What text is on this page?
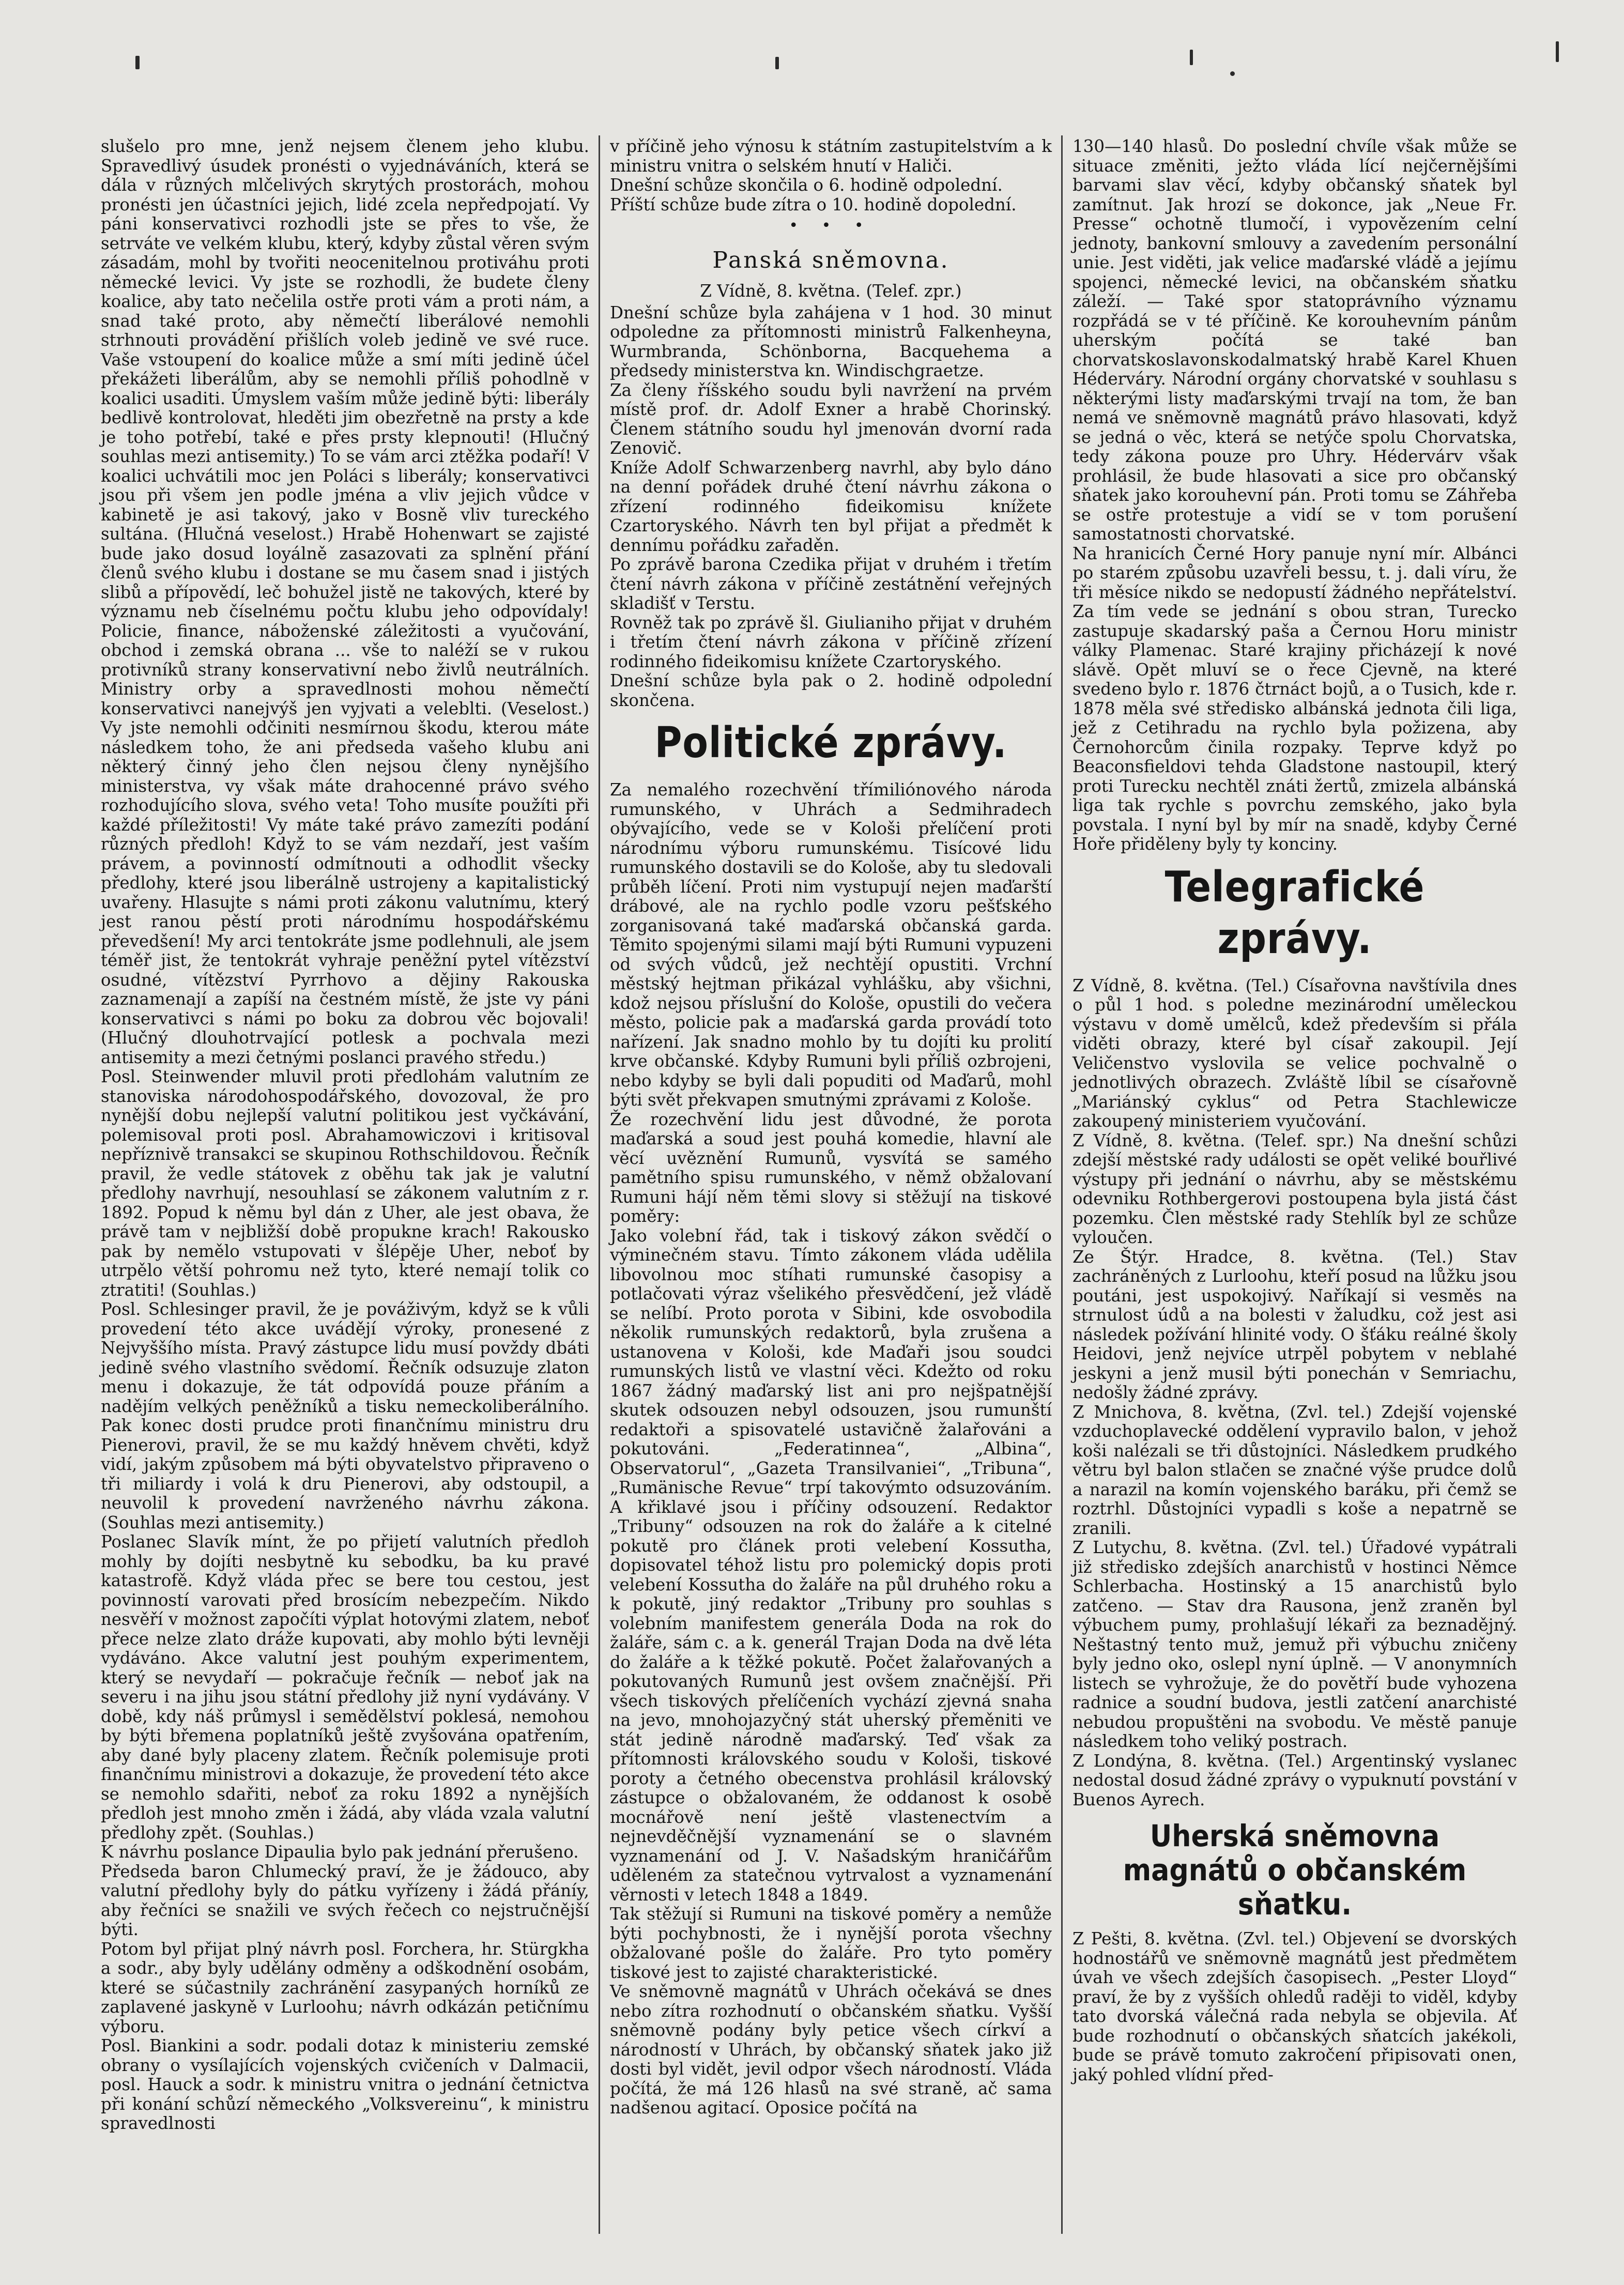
slušelo pro mne, jenž nejsem členem jeho klubu. Spravedlivý úsudek pronésti o vyjednáváních, která se dála v různých mlčelivých skrytých prostorách, mohou pronésti jen účastníci jejich, lidé zcela nepředpojatí. Vy páni konservativci rozhodli jste se přes to vše, že setrváte ve velkém klubu, který, kdyby zůstal věren svým zásadám, mohl by tvořiti neocenitelnou protiváhu proti německé levici. Vy jste se rozhodli, že budete členy koalice, aby tato nečelila ostře proti vám a proti nám, a snad také proto, aby němečtí liberálové nemohli strhnouti provádění přišlích voleb jedině ve své ruce. Vaše vstoupení do koalice může a smí míti jedině účel překážeti liberálům, aby se nemohli příliš pohodlně v koalici usaditi. Úmyslem vaším může jedině býti: liberály bedlivě kontrolovat, hleděti jim obezřetně na prsty a kde je toho potřebí, také e přes prsty klepnouti! (Hlučný souhlas mezi antisemity.) To se vám arci ztěžka podaří! V koalici uchvátili moc jen Poláci s liberály; konservativci jsou při všem jen podle jména a vliv jejich vůdce v kabinetě je asi takový, jako v Bosně vliv tureckého sultána. (Hlučná veselost.) Hrabě Hohenwart se zajisté bude jako dosud loyálně zasazovati za splnění přání členů svého klubu i dostane se mu časem snad i jistých slibů a přípovědí, leč bohužel jistě ne takových, které by významu neb číselnému počtu klubu jeho odpovídaly! Policie, finance, náboženské záležitosti a vyučování, obchod i zemská obrana ... vše to naléží se v rukou protivníků strany konservativní nebo živlů neutrálních. Ministry orby a spravedlnosti mohou němečtí konservativci nanejvýš jen vyjvati a veleblti. (Veselost.) Vy jste nemohli odčiniti nesmírnou škodu, kterou máte následkem toho, že ani předseda vašeho klubu ani některý činný jeho člen nejsou členy nynějšího ministerstva, vy však máte drahocenné právo svého rozhodujícího slova, svého veta! Toho musíte použíti při každé příležitosti! Vy máte také právo zamezíti podání různých předloh! Když to se vám nezdaří, jest vaším právem, a povinností odmítnouti a odhodlit všecky předlohy, které jsou liberálně ustrojeny a kapitalistický uvařeny. Hlasujte s námi proti zákonu valutnímu, který jest ranou pěstí proti národnímu hospodářskému převedšení! My arci tentokráte jsme podlehnuli, ale jsem téměř jist, že tentokrát vyhraje peněžní pytel vítězství osudné, vítězství Pyrrhovo a dějiny Rakouska zaznamenají a zapíší na čestném místě, že jste vy páni konservativci s námi po boku za dobrou věc bojovali! (Hlučný dlouhotrvající potlesk a pochvala mezi antisemity a mezi četnými poslanci pravého středu.)

Posl. Steinwender mluvil proti předlohám valutním ze stanoviska národohospodářského, dovozoval, že pro nynější dobu nejlepší valutní politikou jest vyčkávání, polemisoval proti posl. Abrahamowiczovi i kritisoval nepříznivě transakci se skupinou Rothschildovou. Řečník pravil, že vedle státovek z oběhu tak jak je valutní předlohy navrhují, nesouhlasí se zákonem valutním z r. 1892. Popud k němu byl dán z Uher, ale jest obava, že právě tam v nejbližší době propukne krach! Rakousko pak by nemělo vstupovati v šlépěje Uher, neboť by utrpělo větší pohromu než tyto, které nemají tolik co ztratiti! (Souhlas.)

Posl. Schlesinger pravil, že je pováživým, když se k vůli provedení této akce uvádějí výroky, pronesené z Nejvyššího místa. Pravý zástupce lidu musí povždy dbáti jedině svého vlastního svědomí. Řečník odsuzuje zlaton menu i dokazuje, že tát odpovídá pouze přáním a nadějím velkých peněžníků a tisku nemeckoliberálního. Pak konec dosti prudce proti finančnímu ministru dru Pienerovi, pravil, že se mu každý hněvem chvěti, když vidí, jakým způsobem má býti obyvatelstvo připraveno o tři miliardy i volá k dru Pienerovi, aby odstoupil, a neuvolil k provedení navrženého návrhu zákona. (Souhlas mezi antisemity.)

Poslanec Slavík mínt, že po přijetí valutních předloh mohly by dojíti nesbytně ku sebodku, ba ku pravé katastrofě. Když vláda přec se bere tou cestou, jest povinností varovati před brosícím nebezpečím. Nikdo nesvěří v možnost započíti výplat hotovými zlatem, neboť přece nelze zlato dráže kupovati, aby mohlo býti levněji vydáváno. Akce valutní jest pouhým experimentem, který se nevydaří — pokračuje řečník — neboť jak na severu i na jihu jsou státní předlohy již nyní vydávány. V době, kdy náš průmysl i semědělství poklesá, nemohou by býti břemena poplatníků ještě zvyšována opatřením, aby dané byly placeny zlatem. Řečník polemisuje proti finančnímu ministrovi a dokazuje, že provedení této akce se nemohlo sdařiti, neboť za roku 1892 a nynějších předloh jest mnoho změn i žádá, aby vláda vzala valutní předlohy zpět. (Souhlas.)

K návrhu poslance Dipaulia bylo pak jednání přerušeno.

Předseda baron Chlumecký praví, že je žádouco, aby valutní předlohy byly do pátku vyřízeny i žádá přáníy, aby řečníci se snažili ve svých řečech co nejstručnější býti.

Potom byl přijat plný návrh posl. Forchera, hr. Stürgkha a sodr., aby byly udělány odměny a odškodnění osobám, které se súčastnily zachránění zasypaných horníků ze zaplavené jaskyně v Lurloohu; návrh odkázán petičnímu výboru.

Posl. Biankini a sodr. podali dotaz k ministeriu zemské obrany o vysílajících vojenských cvičeních v Dalmacii, posl. Hauck a sodr. k ministru vnitra o jednání četnictva při konání schůzí německého „Volksvereinu“, k ministru spravedlnosti

v příčině jeho výnosu k státním zastupitelstvím a k ministru vnitra o selském hnutí v Haliči.

Dnešní schůze skončila o 6. hodině odpolední.

Příští schůze bude zítra o 10. hodině dopolední.

• • •
Panská sněmovna.
Z Vídně, 8. května. (Telef. zpr.)

Dnešní schůze byla zahájena v 1 hod. 30 minut odpoledne za přítomnosti ministrů Falkenheyna, Wurmbranda, Schönborna, Bacquehema a předsedy ministerstva kn. Windischgraetze.

Za členy říšského soudu byli navržení na prvém místě prof. dr. Adolf Exner a hrabě Chorinský. Členem státního soudu hyl jmenován dvorní rada Zenovič.

Kníže Adolf Schwarzenberg navrhl, aby bylo dáno na denní pořádek druhé čtení návrhu zákona o zřízení rodinného fideikomisu knížete Czartoryského. Návrh ten byl přijat a předmět k dennímu pořádku zařaděn.

Po zprávě barona Czedika přijat v druhém i třetím čtení návrh zákona v příčině zestátnění veřejných skladišť v Terstu.

Rovněž tak po zprávě šl. Giulianiho přijat v druhém i třetím čtení návrh zákona v příčině zřízení rodinného fideikomisu knížete Czartoryského.

Dnešní schůze byla pak o 2. hodině odpolední skončena.

Politické zprávy.

Za nemalého rozechvění třímiliónového národa rumunského, v Uhrách a Sedmihradech obývajícího, vede se v Kološi přelíčení proti národnímu výboru rumunskému. Tisícové lidu rumunského dostavili se do Kološe, aby tu sledovali průběh líčení. Proti nim vystupují nejen maďarští drábové, ale na rychlo podle vzoru pešťského zorganisovaná také maďarská občanská garda. Těmito spojenými silami mají býti Rumuni vypuzeni od svých vůdců, jež nechtějí opustiti. Vrchní městský hejtman přikázal vyhlášku, aby všichni, kdož nejsou příslušní do Kološe, opustili do večera město, policie pak a maďarská garda provádí toto nařízení. Jak snadno mohlo by tu dojíti ku prolití krve občanské. Kdyby Rumuni byli příliš ozbrojeni, nebo kdyby se byli dali popuditi od Maďarů, mohl býti svět překvapen smutnými zprávami z Kološe.

Že rozechvění lidu jest důvodné, že porota maďarská a soud jest pouhá komedie, hlavní ale věcí uvěznění Rumunů, vysvítá se samého pamětního spisu rumunského, v němž obžalovaní Rumuni hájí něm těmi slovy si stěžují na tiskové poměry:

Jako volební řád, tak i tiskový zákon svědčí o výminečném stavu. Tímto zákonem vláda udělila libovolnou moc stíhati rumunské časopisy a potlačovati výraz všelikého přesvědčení, jež vládě se nelíbí. Proto porota v Sibini, kde osvobodila několik rumunských redaktorů, byla zrušena a ustanovena v Kološi, kde Maďaři jsou soudci rumunských listů ve vlastní věci. Kdežto od roku 1867 žádný maďarský list ani pro nejšpatnější skutek odsouzen nebyl odsouzen, jsou rumunští redaktoři a spisovatelé ustavičně žalařováni a pokutováni. „Federatinnea“, „Albina“, Observatorul“, „Gazeta Transilvaniei“, „Tribuna“, „Rumänische Revue“ trpí takovýmto odsuzováním. A křiklavé jsou i příčiny odsouzení. Redaktor „Tribuny“ odsouzen na rok do žaláře a k citelné pokutě pro článek proti velebení Kossutha, dopisovatel téhož listu pro polemický dopis proti velebení Kossutha do žaláře na půl druhého roku a k pokutě, jiný redaktor „Tribuny pro souhlas s volebním manifestem generála Doda na rok do žaláře, sám c. a k. generál Trajan Doda na dvě léta do žaláře a k těžké pokutě. Počet žalařovaných a pokutovaných Rumunů jest ovšem značnější. Při všech tiskových přelíčeních vychází zjevná snaha na jevo, mnohojazyčný stát uherský přeměniti ve stát jedině národně maďarský. Teď však za přítomnosti královského soudu v Kološi, tiskové poroty a četného obecenstva prohlásil královský zástupce o obžalovaném, že oddanost k osobě mocnářově není ještě vlastenectvím a nejnevděčnější vyznamenání se o slavném vyznamenání od J. V. Našadským hraničářům uděleném za statečnou vytrvalost a vyznamenání věrnosti v letech 1848 a 1849.

Tak stěžují si Rumuni na tiskové poměry a nemůže býti pochybnosti, že i nynější porota všechny obžalované pošle do žaláře. Pro tyto poměry tiskové jest to zajisté charakteristické.

Ve sněmovně magnátů v Uhrách očekává se dnes nebo zítra rozhodnutí o občanském sňatku. Vyšší sněmovně podány byly petice všech církví a národností v Uhrách, by občanský sňatek jako již dosti byl vidět, jevil odpor všech národností. Vláda počítá, že má 126 hlasů na své straně, ač sama nadšenou agitací. Oposice počítá na

130—140 hlasů. Do poslední chvíle však může se situace změniti, ježto vláda lící nejčernějšími barvami slav věcí, kdyby občanský sňatek byl zamítnut. Jak hrozí se dokonce, jak „Neue Fr. Presse“ ochotně tlumočí, i vypovězením celní jednoty, bankovní smlouvy a zavedením personální unie. Jest viděti, jak velice maďarské vládě a jejímu spojenci, německé levici, na občanském sňatku záleží. — Také spor statoprávního významu rozpřádá se v té příčině. Ke korouhevním pánům uherským počítá se také ban chorvatskoslavonskodalmatský hrabě Karel Khuen Héderváry. Národní orgány chorvatské v souhlasu s některými listy maďarskými trvají na tom, že ban nemá ve sněmovně magnátů právo hlasovati, když se jedná o věc, která se netýče spolu Chorvatska, tedy zákona pouze pro Uhry. Hédervárv však prohlásil, že bude hlasovati a sice pro občanský sňatek jako korouhevní pán. Proti tomu se Záhřeba se ostře protestuje a vidí se v tom porušení samostatnosti chorvatské.

Na hranicích Černé Hory panuje nyní mír. Albánci po starém způsobu uzavřeli bessu, t. j. dali víru, že tři měsíce nikdo se nedopustí žádného nepřátelství. Za tím vede se jednání s obou stran, Turecko zastupuje skadarský paša a Černou Horu ministr války Plamenac. Staré krajiny přicházejí k nové slávě. Opět mluví se o řece Cjevně, na které svedeno bylo r. 1876 čtrnáct bojů, a o Tusich, kde r. 1878 měla své středisko albánská jednota čili liga, jež z Cetihradu na rychlo byla požizena, aby Černohorcům činila rozpaky. Teprve když po Beaconsfieldovi tehda Gladstone nastoupil, který proti Turecku nechtěl znáti žertů, zmizela albánská liga tak rychle s povrchu zemského, jako byla povstala. I nyní byl by mír na snadě, kdyby Černé Hoře přiděleny byly ty konciny.

Telegrafické zprávy.

Z Vídně, 8. května. (Tel.) Císařovna navštívila dnes o půl 1 hod. s poledne mezinárodní uměleckou výstavu v domě umělců, kdež především si přála viděti obrazy, které byl císař zakoupil. Její Veličenstvo vyslovila se velice pochvalně o jednotlivých obrazech. Zvláště líbil se císařovně „Mariánský cyklus“ od Petra Stachlewicze zakoupený ministeriem vyučování.

Z Vídně, 8. května. (Telef. spr.) Na dnešní schůzi zdejší městské rady události se opět veliké bouřlivé výstupy při jednání o návrhu, aby se městskému odevniku Rothbergerovi postoupena byla jistá část pozemku. Člen městské rady Stehlík byl ze schůze vyloučen.

Ze Štýr. Hradce, 8. května. (Tel.) Stav zachráněných z Lurloohu, kteří posud na lůžku jsou poutáni, jest uspokojivý. Naříkají si vesměs na strnulost údů a na bolesti v žaludku, což jest asi následek požívání hlinité vody. O šťáku reálné školy Heidovi, jenž nejvíce utrpěl pobytem v neblahé jeskyni a jenž musil býti ponechán v Semriachu, nedošly žádné zprávy.

Z Mnichova, 8. května, (Zvl. tel.) Zdejší vojenské vzduchoplavecké oddělení vypravilo balon, v jehož koši nalézali se tři důstojníci. Následkem prudkého větru byl balon stlačen se značné výše prudce dolů a narazil na komín vojenského baráku, při čemž se roztrhl. Důstojníci vypadli s koše a nepatrně se zranili.

Z Lutychu, 8. května. (Zvl. tel.) Úřadové vypátrali již středisko zdejších anarchistů v hostinci Němce Schlerbacha. Hostinský a 15 anarchistů bylo zatčeno. — Stav dra Rausona, jenž zraněn byl výbuchem pumy, prohlašují lékaři za beznadějný. Neštastný tento muž, jemuž při výbuchu zničeny byly jedno oko, oslepl nyní úplně. — V anonymních listech se vyhrožuje, že do povětří bude vyhozena radnice a soudní budova, jestli zatčení anarchisté nebudou propuštěni na svobodu. Ve městě panuje následkem toho veliký postrach.

Z Londýna, 8. května. (Tel.) Argentinský vyslanec nedostal dosud žádné zprávy o vypuknutí povstání v Buenos Ayrech.

Uherská sněmovna magnátů o občanském sňatku.

Z Pešti, 8. května. (Zvl. tel.) Objevení se dvorských hodnostářů ve sněmovně magnátů jest předmětem úvah ve všech zdejších časopisech. „Pester Lloyd“ praví, že by z vyšších ohledů raději to viděl, kdyby tato dvorská válečná rada nebyla se objevila. Ať bude rozhodnutí o občanských sňatcích jakékoli, bude se právě tomuto zakročení připisovati onen, jaký pohled vlídní před-
